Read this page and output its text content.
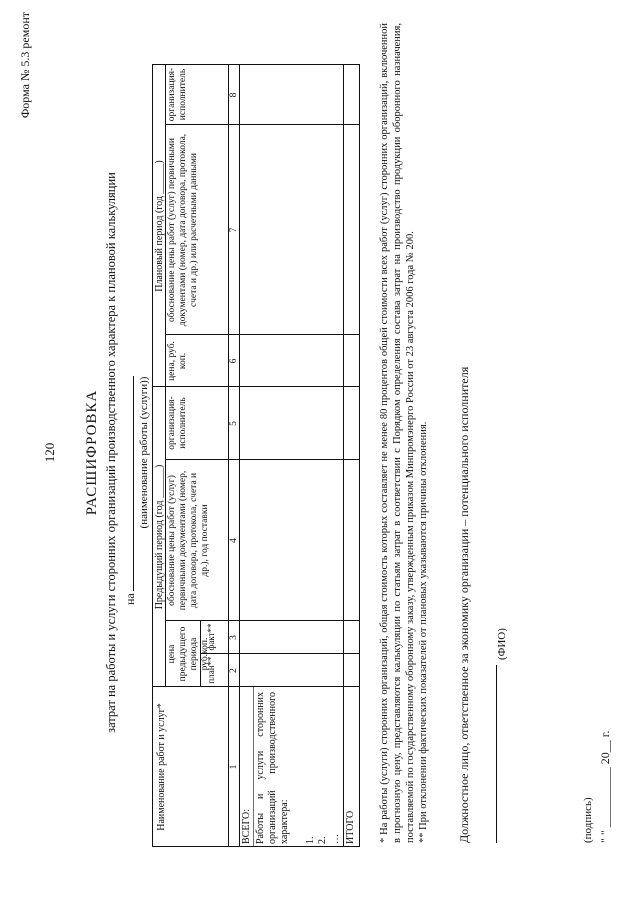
120
Форма № 5.3 ремонт
РАСШИФРОВКА затрат на работы и услуги сторонних организаций производственного характера к плановой калькуляции на
(наименование работы (услуги))
Наименование работ и услуг*
Предыдущий период (год ______)
Плановый период (год ______)
цена предыдущего периода руб.коп.
план**
факт**
обоснование цены работ (услуг) первичными документами (номер, дата договора, протокола, счета и др.), год поставки
организация-исполнитель
цена, руб. коп.
обоснование цены работ (услуг) первичными документами (номер, дата договора, протокола, счета и др.) или расчетными данными
организация-исполнитель
1
2
3
4
5
6
7
8
ВСЕГО: Работы и услуги сторонних организаций производственного характера: 1. 2. … ИТОГО * На работы (услуги) сторонних организаций, общая стоимость которых составляет не менее 80 процентов общей стоимости всех работ (услуг) сторонних организаций, включенной в прогнозную цену, представляются калькуляции по статьям затрат в соответствии с Порядком определения состава затрат на производство продукции оборонного назначения, поставляемой по государственному оборонному заказу, утвержденным приказом Минпромэнерго России от 23 августа 2006 года № 200. ** При отклонении фактических показателей от плановых указываются причины отклонения. Должностное лицо, ответственное за экономику организации – потенциального исполнителя (ФИО)
(подпись) " " __________ 20__ г.
